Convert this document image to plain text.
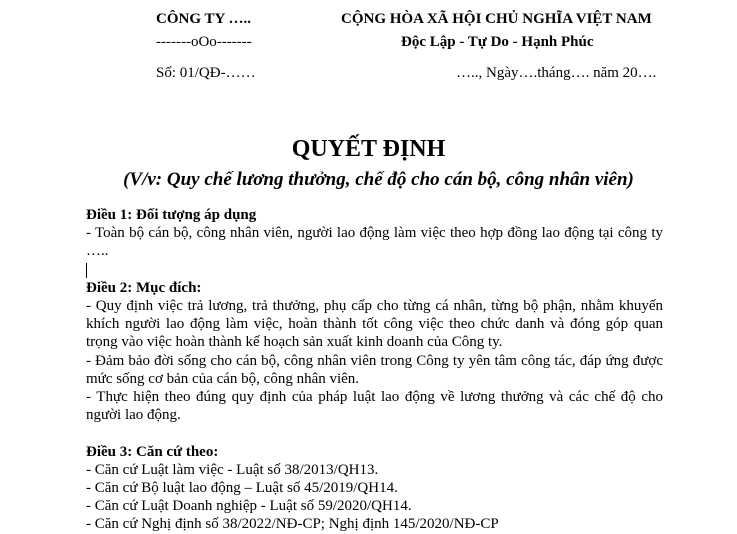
CÔNG TY …..
-------oOo-------
CỘNG HÒA XÃ HỘI CHỦ NGHĨA VIỆT NAM
Độc Lập - Tự Do - Hạnh Phúc
Số: 01/QĐ-……	….., Ngày….tháng…. năm 20….
QUYẾT ĐỊNH
(V/v: Quy chế lương thưởng, chế độ cho cán bộ, công nhân viên)

Điều 1: Đối tượng áp dụng

- Toàn bộ cán bộ, công nhân viên, người lao động làm việc theo hợp đồng lao động tại công ty …..

Điều 2: Mục đích:

- Quy định việc trả lương, trả thưởng, phụ cấp cho từng cá nhân, từng bộ phận, nhằm khuyến khích người lao động làm việc, hoàn thành tốt công việc theo chức danh và đóng góp quan trọng vào việc hoàn thành kế hoạch sản xuất kinh doanh của Công ty.

- Đảm bảo đời sống cho cán bộ, công nhân viên trong Công ty yên tâm công tác, đáp ứng được mức sống cơ bản của cán bộ, công nhân viên.

- Thực hiện theo đúng quy định của pháp luật lao động về lương thưởng và các chế độ cho người lao động.

Điều 3: Căn cứ theo:

- Căn cứ Luật làm việc - Luật số 38/2013/QH13.

- Căn cứ Bộ luật lao động – Luật số 45/2019/QH14.

- Căn cứ Luật Doanh nghiệp - Luật số 59/2020/QH14.

- Căn cứ Nghị định số 38/2022/NĐ-CP; Nghị định 145/2020/NĐ-CP
